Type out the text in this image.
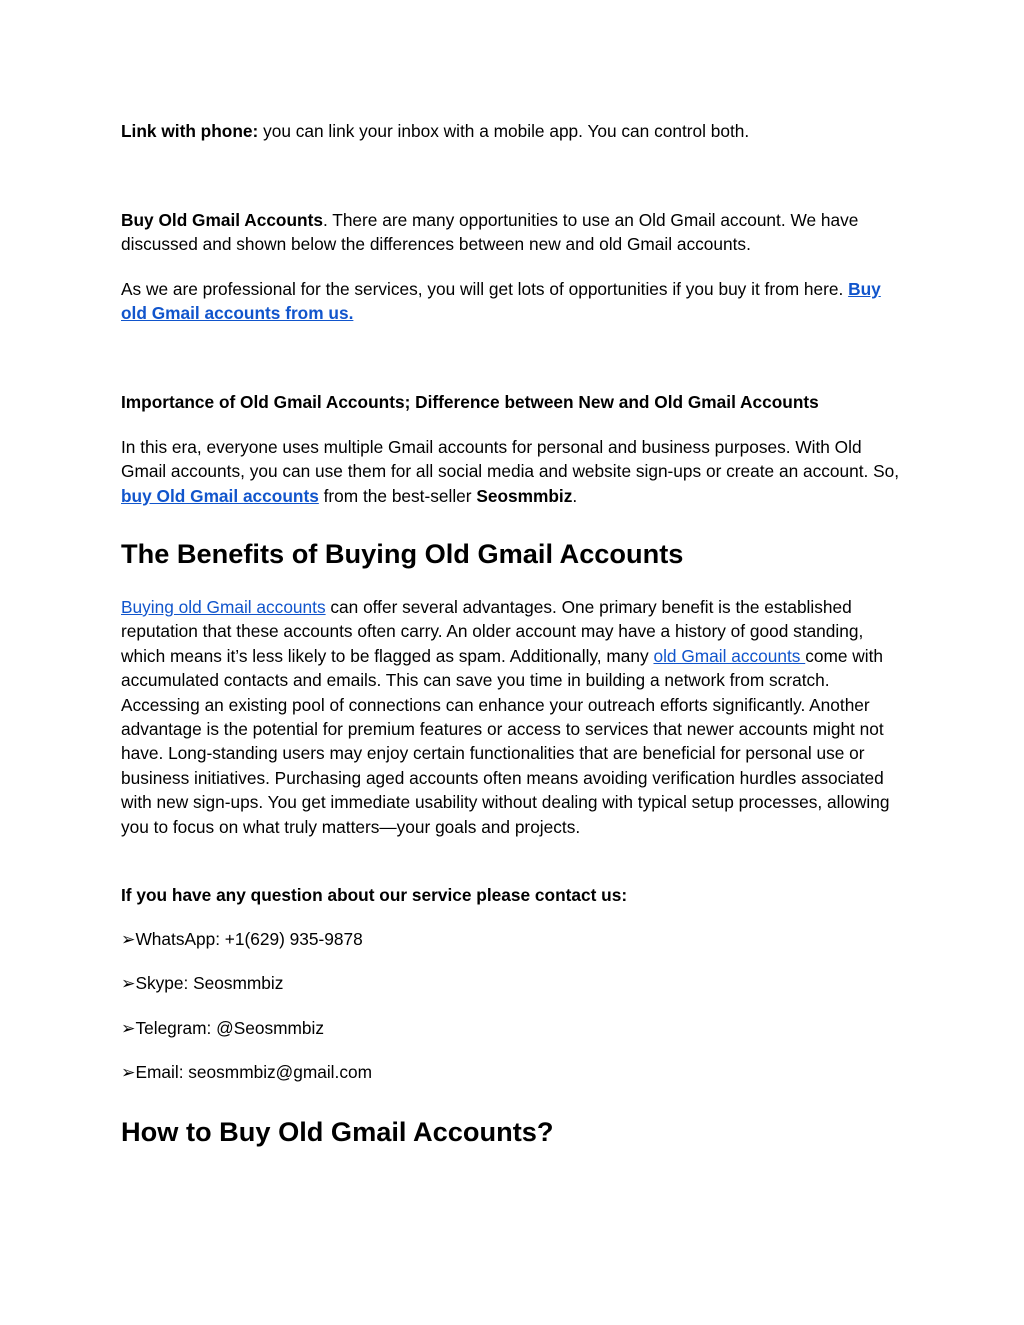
Link with phone: you can link your inbox with a mobile app. You can control both.

Buy Old Gmail Accounts. There are many opportunities to use an Old Gmail account. We have discussed and shown below the differences between new and old Gmail accounts.

As we are professional for the services, you will get lots of opportunities if you buy it from here. Buy old Gmail accounts from us.

Importance of Old Gmail Accounts; Difference between New and Old Gmail Accounts

In this era, everyone uses multiple Gmail accounts for personal and business purposes. With Old Gmail accounts, you can use them for all social media and website sign-ups or create an account. So, buy Old Gmail accounts from the best-seller Seosmmbiz.

The Benefits of Buying Old Gmail Accounts

Buying old Gmail accounts can offer several advantages. One primary benefit is the established reputation that these accounts often carry. An older account may have a history of good standing, which means it’s less likely to be flagged as spam. Additionally, many old Gmail accounts come with accumulated contacts and emails. This can save you time in building a network from scratch. Accessing an existing pool of connections can enhance your outreach efforts significantly. Another advantage is the potential for premium features or access to services that newer accounts might not have. Long-standing users may enjoy certain functionalities that are beneficial for personal use or business initiatives. Purchasing aged accounts often means avoiding verification hurdles associated with new sign-ups. You get immediate usability without dealing with typical setup processes, allowing you to focus on what truly matters—your goals and projects.

If you have any question about our service please contact us:

➢WhatsApp: +1(629) 935-9878
➢Skype: Seosmmbiz
➢Telegram: @Seosmmbiz
➢Email: seosmmbiz@gmail.com
How to Buy Old Gmail Accounts?
